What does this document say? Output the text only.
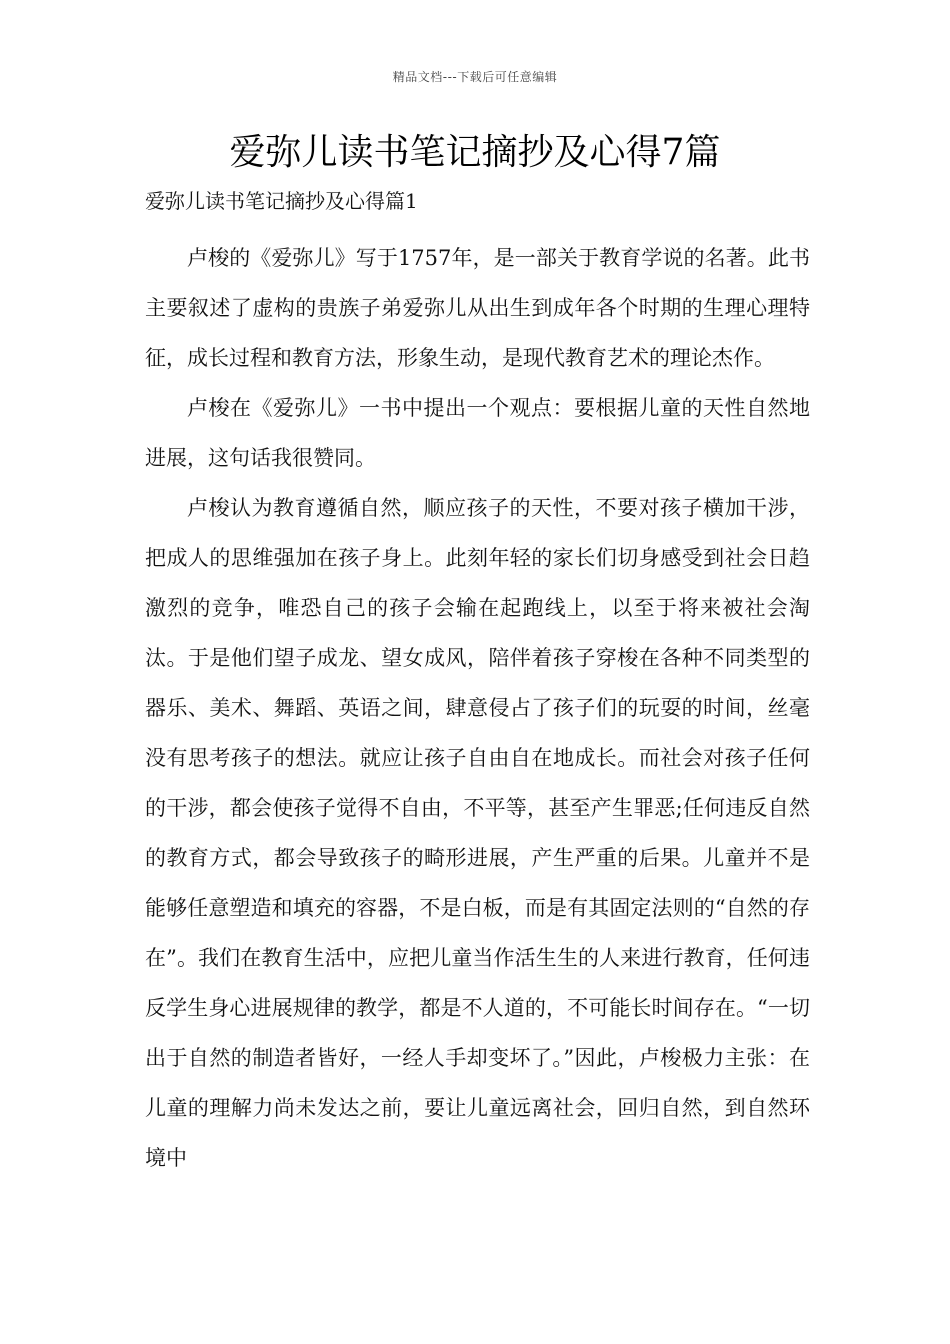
精品文档---下载后可任意编辑
爱弥儿读书笔记摘抄及心得7篇
爱弥儿读书笔记摘抄及心得篇1

卢梭的《爱弥儿》写于1757年，是一部关于教育学说的名著。此书主要叙述了虚构的贵族子弟爱弥儿从出生到成年各个时期的生理心理特征，成长过程和教育方法，形象生动，是现代教育艺术的理论杰作。

卢梭在《爱弥儿》一书中提出一个观点：要根据儿童的天性自然地进展，这句话我很赞同。

卢梭认为教育遵循自然，顺应孩子的天性，不要对孩子横加干涉，把成人的思维强加在孩子身上。此刻年轻的家长们切身感受到社会日趋激烈的竞争，唯恐自己的孩子会输在起跑线上，以至于将来被社会淘汰。于是他们望子成龙、望女成风，陪伴着孩子穿梭在各种不同类型的器乐、美术、舞蹈、英语之间，肆意侵占了孩子们的玩耍的时间，丝毫没有思考孩子的想法。就应让孩子自由自在地成长。而社会对孩子任何的干涉，都会使孩子觉得不自由，不平等，甚至产生罪恶;任何违反自然的教育方式，都会导致孩子的畸形进展，产生严重的后果。儿童并不是能够任意塑造和填充的容器，不是白板，而是有其固定法则的“自然的存在”。我们在教育生活中，应把儿童当作活生生的人来进行教育，任何违反学生身心进展规律的教学，都是不人道的，不可能长时间存在。“一切出于自然的制造者皆好，一经人手却变坏了。”因此，卢梭极力主张：在儿童的理解力尚未发达之前，要让儿童远离社会，回归自然，到自然环境中
